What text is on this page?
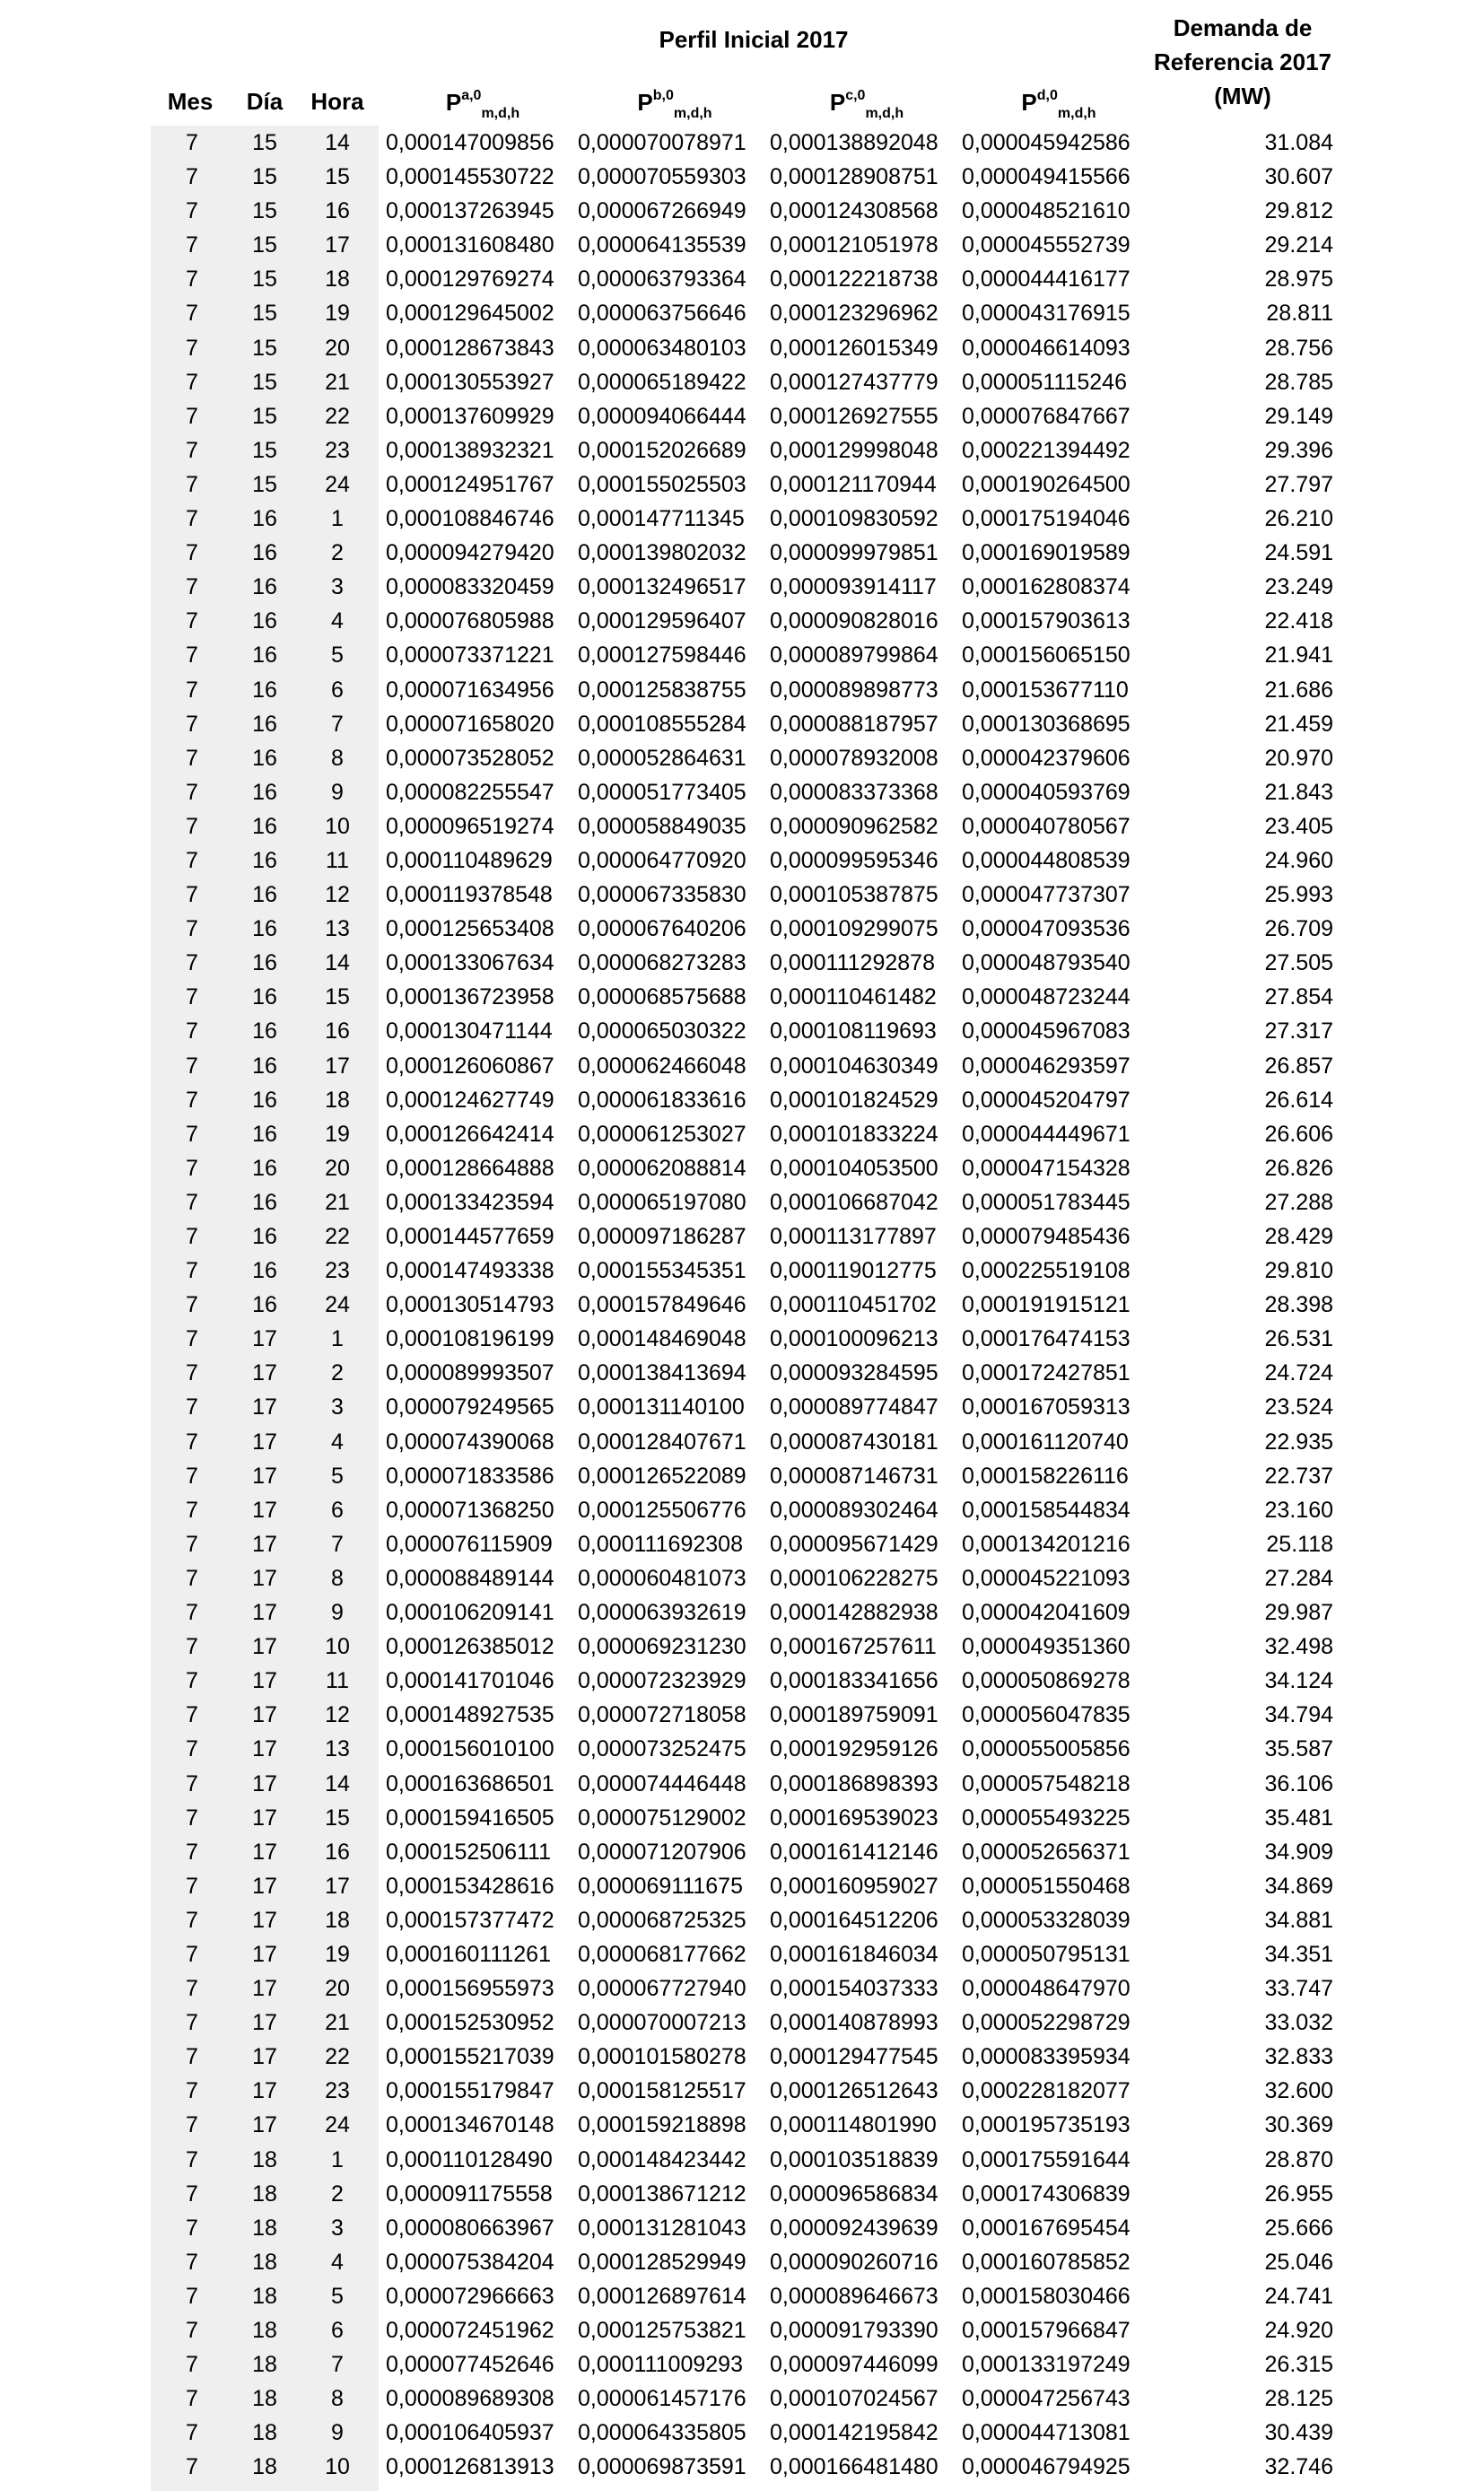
Perfil Inicial 2017	Demanda de
Referencia 2017
(MW)
Mes	Día	Hora	P$^{a,0}_{m,d,h}$	P$^{b,0}_{m,d,h}$	P$^{c,0}_{m,d,h}$	P$^{d,0}_{m,d,h}$
7	15	14	0,000147009856	0,000070078971	0,000138892048	0,000045942586	31.084
7	15	15	0,000145530722	0,000070559303	0,000128908751	0,000049415566	30.607
7	15	16	0,000137263945	0,000067266949	0,000124308568	0,000048521610	29.812
7	15	17	0,000131608480	0,000064135539	0,000121051978	0,000045552739	29.214
7	15	18	0,000129769274	0,000063793364	0,000122218738	0,000044416177	28.975
7	15	19	0,000129645002	0,000063756646	0,000123296962	0,000043176915	28.811
7	15	20	0,000128673843	0,000063480103	0,000126015349	0,000046614093	28.756
7	15	21	0,000130553927	0,000065189422	0,000127437779	0,000051115246	28.785
7	15	22	0,000137609929	0,000094066444	0,000126927555	0,000076847667	29.149
7	15	23	0,000138932321	0,000152026689	0,000129998048	0,000221394492	29.396
7	15	24	0,000124951767	0,000155025503	0,000121170944	0,000190264500	27.797
7	16	1	0,000108846746	0,000147711345	0,000109830592	0,000175194046	26.210
7	16	2	0,000094279420	0,000139802032	0,000099979851	0,000169019589	24.591
7	16	3	0,000083320459	0,000132496517	0,000093914117	0,000162808374	23.249
7	16	4	0,000076805988	0,000129596407	0,000090828016	0,000157903613	22.418
7	16	5	0,000073371221	0,000127598446	0,000089799864	0,000156065150	21.941
7	16	6	0,000071634956	0,000125838755	0,000089898773	0,000153677110	21.686
7	16	7	0,000071658020	0,000108555284	0,000088187957	0,000130368695	21.459
7	16	8	0,000073528052	0,000052864631	0,000078932008	0,000042379606	20.970
7	16	9	0,000082255547	0,000051773405	0,000083373368	0,000040593769	21.843
7	16	10	0,000096519274	0,000058849035	0,000090962582	0,000040780567	23.405
7	16	11	0,000110489629	0,000064770920	0,000099595346	0,000044808539	24.960
7	16	12	0,000119378548	0,000067335830	0,000105387875	0,000047737307	25.993
7	16	13	0,000125653408	0,000067640206	0,000109299075	0,000047093536	26.709
7	16	14	0,000133067634	0,000068273283	0,000111292878	0,000048793540	27.505
7	16	15	0,000136723958	0,000068575688	0,000110461482	0,000048723244	27.854
7	16	16	0,000130471144	0,000065030322	0,000108119693	0,000045967083	27.317
7	16	17	0,000126060867	0,000062466048	0,000104630349	0,000046293597	26.857
7	16	18	0,000124627749	0,000061833616	0,000101824529	0,000045204797	26.614
7	16	19	0,000126642414	0,000061253027	0,000101833224	0,000044449671	26.606
7	16	20	0,000128664888	0,000062088814	0,000104053500	0,000047154328	26.826
7	16	21	0,000133423594	0,000065197080	0,000106687042	0,000051783445	27.288
7	16	22	0,000144577659	0,000097186287	0,000113177897	0,000079485436	28.429
7	16	23	0,000147493338	0,000155345351	0,000119012775	0,000225519108	29.810
7	16	24	0,000130514793	0,000157849646	0,000110451702	0,000191915121	28.398
7	17	1	0,000108196199	0,000148469048	0,000100096213	0,000176474153	26.531
7	17	2	0,000089993507	0,000138413694	0,000093284595	0,000172427851	24.724
7	17	3	0,000079249565	0,000131140100	0,000089774847	0,000167059313	23.524
7	17	4	0,000074390068	0,000128407671	0,000087430181	0,000161120740	22.935
7	17	5	0,000071833586	0,000126522089	0,000087146731	0,000158226116	22.737
7	17	6	0,000071368250	0,000125506776	0,000089302464	0,000158544834	23.160
7	17	7	0,000076115909	0,000111692308	0,000095671429	0,000134201216	25.118
7	17	8	0,000088489144	0,000060481073	0,000106228275	0,000045221093	27.284
7	17	9	0,000106209141	0,000063932619	0,000142882938	0,000042041609	29.987
7	17	10	0,000126385012	0,000069231230	0,000167257611	0,000049351360	32.498
7	17	11	0,000141701046	0,000072323929	0,000183341656	0,000050869278	34.124
7	17	12	0,000148927535	0,000072718058	0,000189759091	0,000056047835	34.794
7	17	13	0,000156010100	0,000073252475	0,000192959126	0,000055005856	35.587
7	17	14	0,000163686501	0,000074446448	0,000186898393	0,000057548218	36.106
7	17	15	0,000159416505	0,000075129002	0,000169539023	0,000055493225	35.481
7	17	16	0,000152506111	0,000071207906	0,000161412146	0,000052656371	34.909
7	17	17	0,000153428616	0,000069111675	0,000160959027	0,000051550468	34.869
7	17	18	0,000157377472	0,000068725325	0,000164512206	0,000053328039	34.881
7	17	19	0,000160111261	0,000068177662	0,000161846034	0,000050795131	34.351
7	17	20	0,000156955973	0,000067727940	0,000154037333	0,000048647970	33.747
7	17	21	0,000152530952	0,000070007213	0,000140878993	0,000052298729	33.032
7	17	22	0,000155217039	0,000101580278	0,000129477545	0,000083395934	32.833
7	17	23	0,000155179847	0,000158125517	0,000126512643	0,000228182077	32.600
7	17	24	0,000134670148	0,000159218898	0,000114801990	0,000195735193	30.369
7	18	1	0,000110128490	0,000148423442	0,000103518839	0,000175591644	28.870
7	18	2	0,000091175558	0,000138671212	0,000096586834	0,000174306839	26.955
7	18	3	0,000080663967	0,000131281043	0,000092439639	0,000167695454	25.666
7	18	4	0,000075384204	0,000128529949	0,000090260716	0,000160785852	25.046
7	18	5	0,000072966663	0,000126897614	0,000089646673	0,000158030466	24.741
7	18	6	0,000072451962	0,000125753821	0,000091793390	0,000157966847	24.920
7	18	7	0,000077452646	0,000111009293	0,000097446099	0,000133197249	26.315
7	18	8	0,000089689308	0,000061457176	0,000107024567	0,000047256743	28.125
7	18	9	0,000106405937	0,000064335805	0,000142195842	0,000044713081	30.439
7	18	10	0,000126813913	0,000069873591	0,000166481480	0,000046794925	32.746
